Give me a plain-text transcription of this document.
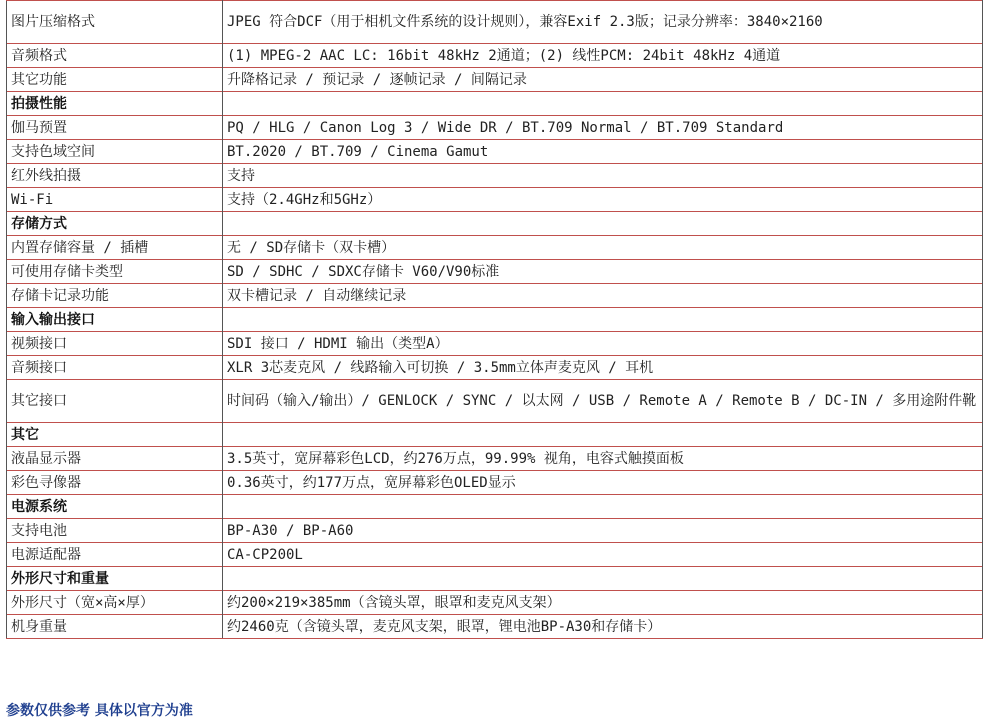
图片压缩格式	JPEG 符合DCF（用于相机文件系统的设计规则），兼容Exif 2.3版；记录分辨率：3840×2160
音频格式	(1) MPEG-2 AAC LC: 16bit 48kHz 2通道；(2) 线性PCM: 24bit 48kHz 4通道
其它功能	升降格记录 / 预记录 / 逐帧记录 / 间隔记录
拍摄性能	
伽马预置	PQ / HLG / Canon Log 3 / Wide DR / BT.709 Normal / BT.709 Standard
支持色域空间	BT.2020 / BT.709 / Cinema Gamut
红外线拍摄	支持
Wi-Fi	支持（2.4GHz和5GHz）
存储方式	
内置存储容量 / 插槽	无 / SD存储卡（双卡槽）
可使用存储卡类型	SD / SDHC / SDXC存储卡 V60/V90标准
存储卡记录功能	双卡槽记录 / 自动继续记录
输入输出接口	
视频接口	SDI 接口 / HDMI 输出（类型A）
音频接口	XLR 3芯麦克风 / 线路输入可切换 / 3.5mm立体声麦克风 / 耳机
其它接口	时间码（输入/输出）/ GENLOCK / SYNC / 以太网 / USB / Remote A / Remote B / DC-IN / 多用途附件靴
其它	
液晶显示器	3.5英寸，宽屏幕彩色LCD，约276万点，99.99% 视角，电容式触摸面板
彩色寻像器	0.36英寸，约177万点，宽屏幕彩色OLED显示
电源系统	
支持电池	BP-A30 / BP-A60
电源适配器	CA-CP200L
外形尺寸和重量	
外形尺寸（宽×高×厚）	约200×219×385mm（含镜头罩，眼罩和麦克风支架）
机身重量	约2460克（含镜头罩，麦克风支架，眼罩，锂电池BP-A30和存储卡）
参数仅供参考 具体以官方为准
